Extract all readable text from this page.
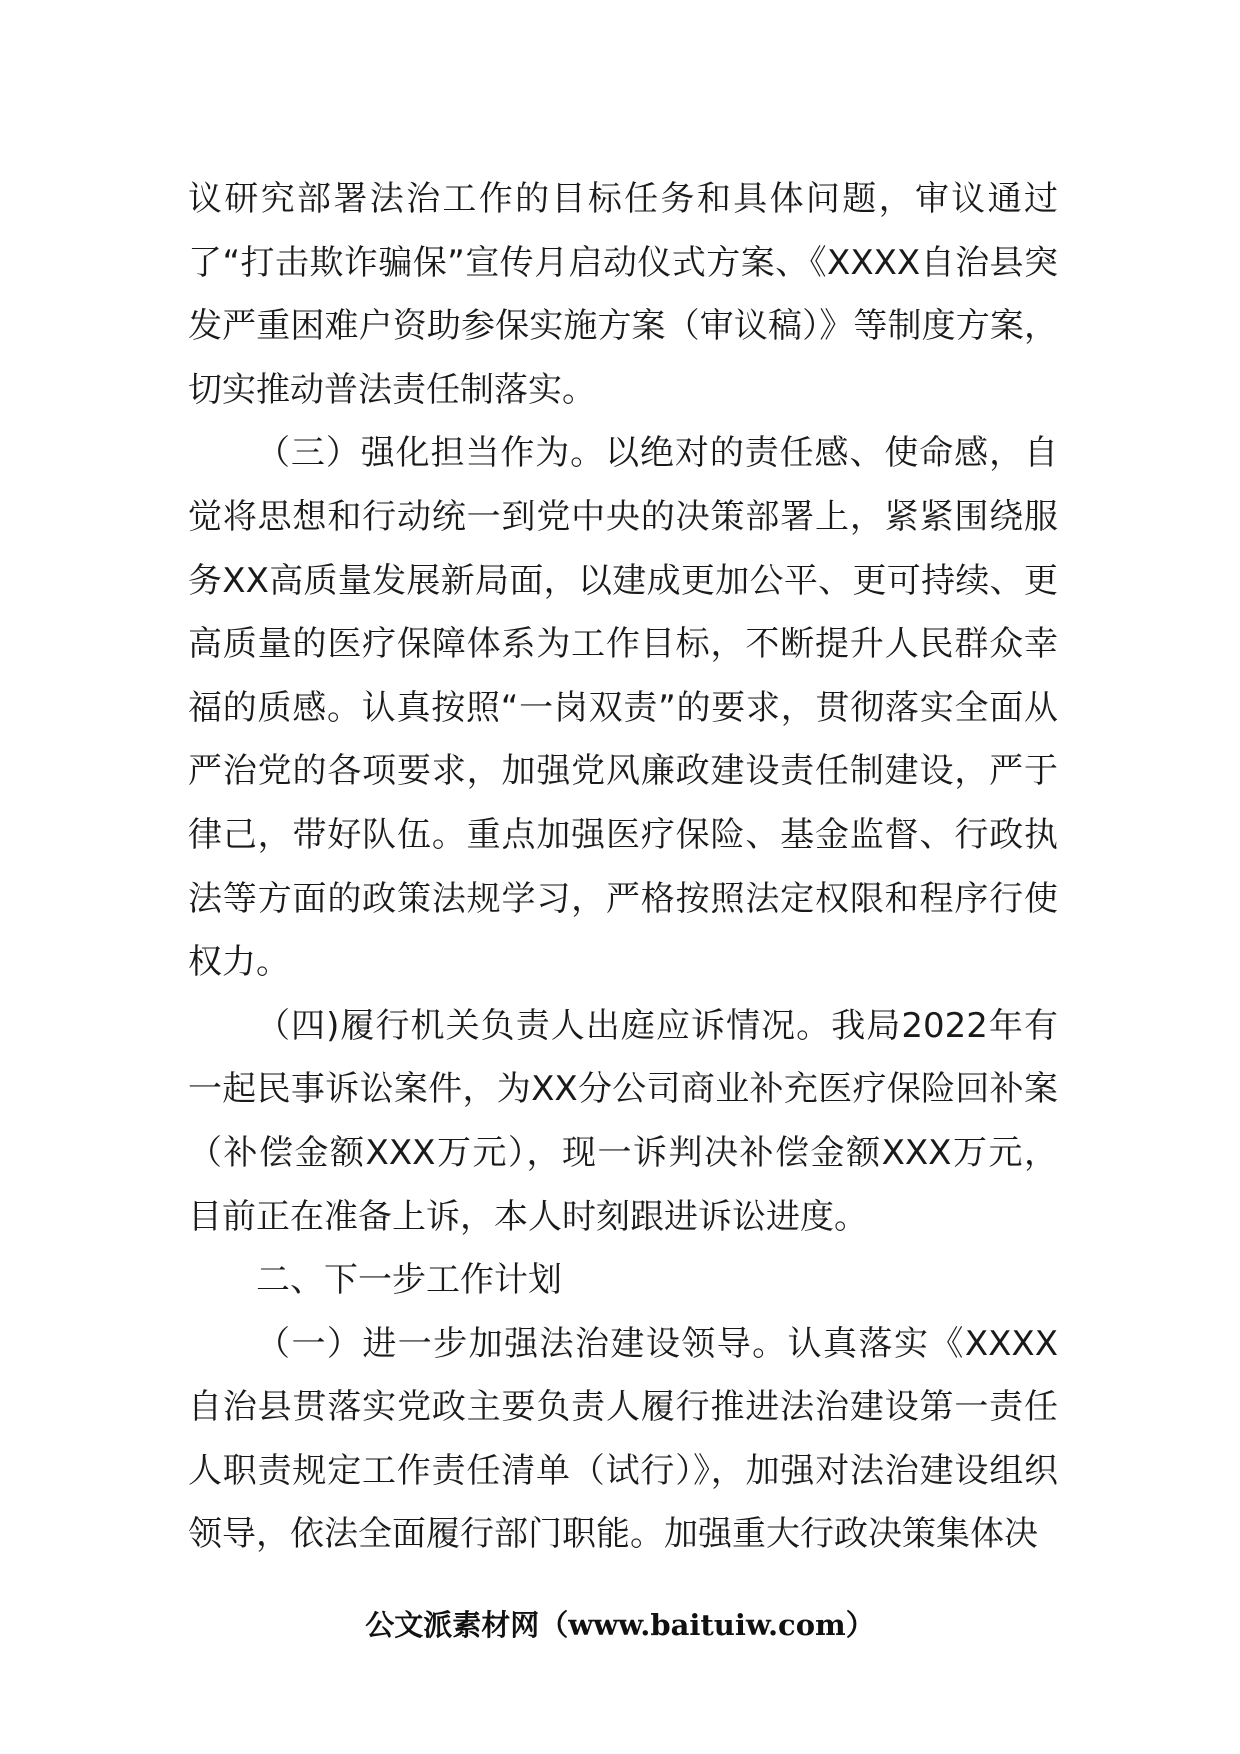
议研究部署法治工作的目标任务和具体问题，审议通过了“打击欺诈骗保”宣传月启动仪式方案、《XXXX自治县突发严重困难户资助参保实施方案（审议稿）》等制度方案，切实推动普法责任制落实。

（三）强化担当作为。以绝对的责任感、使命感，自觉将思想和行动统一到党中央的决策部署上，紧紧围绕服务XX高质量发展新局面，以建成更加公平、更可持续、更高质量的医疗保障体系为工作目标，不断提升人民群众幸福的质感。认真按照“一岗双责”的要求，贯彻落实全面从严治党的各项要求，加强党风廉政建设责任制建设，严于律己，带好队伍。重点加强医疗保险、基金监督、行政执法等方面的政策法规学习，严格按照法定权限和程序行使权力。

（四)履行机关负责人出庭应诉情况。我局2022年有一起民事诉讼案件，为XX分公司商业补充医疗保险回补案（补偿金额XXX万元），现一诉判决补偿金额XXX万元，目前正在准备上诉，本人时刻跟进诉讼进度。

二、下一步工作计划

（一）进一步加强法治建设领导。认真落实《XXXX自治县贯落实党政主要负责人履行推进法治建设第一责任人职责规定工作责任清单（试行）》，加强对法治建设组织领导，依法全面履行部门职能。加强重大行政决策集体决

公文派素材网（www.baituiw.com）
